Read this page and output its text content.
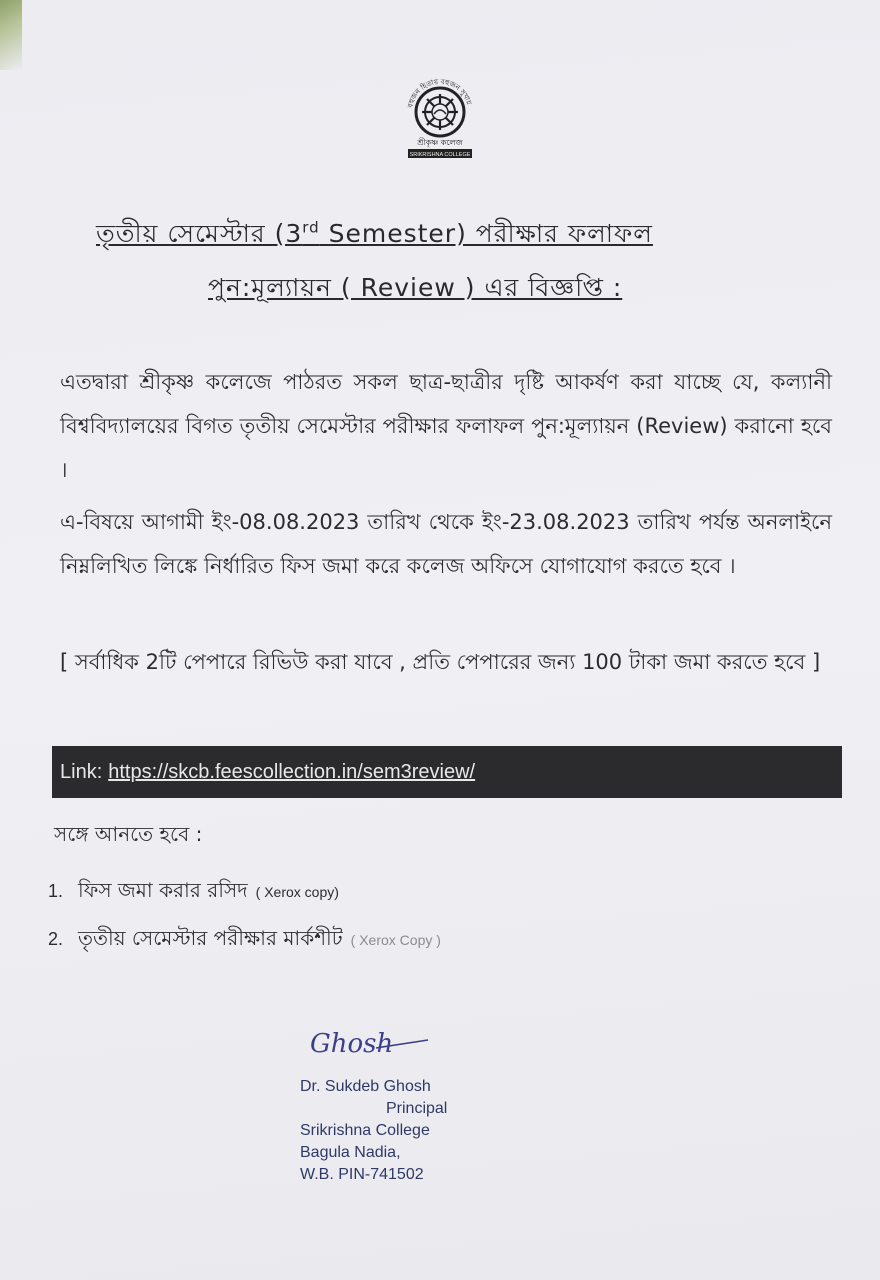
বহুজন হিতায় বহুজন সুখায়
শ্রীকৃষ্ণ কলেজ
SRIKRISHNA COLLEGE
তৃতীয় সেমেস্টার (3rd Semester) পরীক্ষার ফলাফল
পুন:মূল্যায়ন ( Review ) এর বিজ্ঞপ্তি :
এতদ্বারা শ্রীকৃষ্ণ কলেজে পাঠরত সকল ছাত্র-ছাত্রীর দৃষ্টি আকর্ষণ করা যাচ্ছে যে, কল্যানী বিশ্ববিদ্যালয়ের বিগত তৃতীয় সেমেস্টার পরীক্ষার ফলাফল পুন:মূল্যায়ন (Review) করানো হবে ।
এ-বিষয়ে আগামী ইং-08.08.2023 তারিখ থেকে ইং-23.08.2023 তারিখ পর্যন্ত অনলাইনে নিম্নলিখিত লিঙ্কে নির্ধারিত ফিস জমা করে কলেজ অফিসে যোগাযোগ করতে হবে ।
[ সর্বাধিক 2টি পেপারে রিভিউ করা যাবে , প্রতি পেপারের জন্য 100 টাকা জমা করতে হবে ]
Link: https://skcb.feescollection.in/sem3review/
সঙ্গে আনতে হবে :
1. ফিস জমা করার রসিদ ( Xerox copy)
2. তৃতীয় সেমেস্টার পরীক্ষার মার্কশীট ( Xerox Copy )
Ghosh
Dr. Sukdeb Ghosh
Principal
Srikrishna College
Bagula Nadia,
W.B. PIN-741502
